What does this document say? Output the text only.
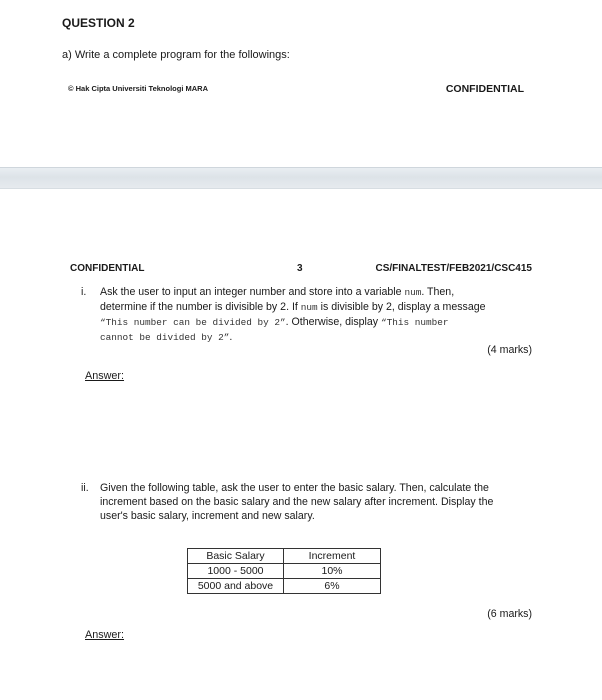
QUESTION 2
a) Write a complete program for the followings:
© Hak Cipta Universiti Teknologi MARA	CONFIDENTIAL
CONFIDENTIAL	3	CS/FINALTEST/FEB2021/CSC415
i. Ask the user to input an integer number and store into a variable num. Then,
determine if the number is divisible by 2. If num is divisible by 2, display a message
“This number can be divided by 2”. Otherwise, display “This number
cannot be divided by 2”.
(4 marks)
Answer:
ii. Given the following table, ask the user to enter the basic salary. Then, calculate the
increment based on the basic salary and the new salary after increment. Display the
user's basic salary, increment and new salary.
Basic Salary	Increment
1000 - 5000	10%
5000 and above	6%
(6 marks)
Answer:
